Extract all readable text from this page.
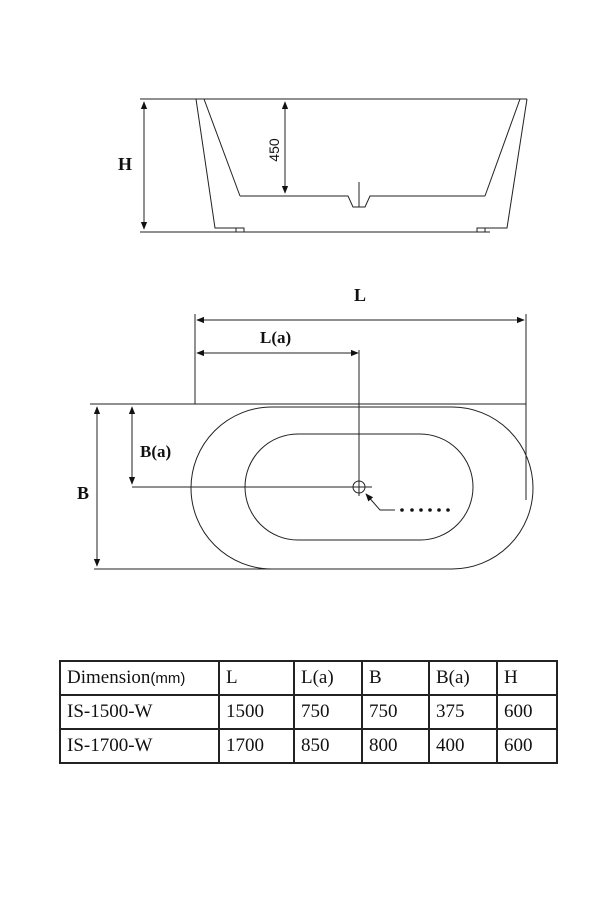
H
450
L
L(a)
B
B(a)
Dimension(mm)	L	L(a)	B	B(a)	H
IS-1500-W	1500	750	750	375	600
IS-1700-W	1700	850	800	400	600
